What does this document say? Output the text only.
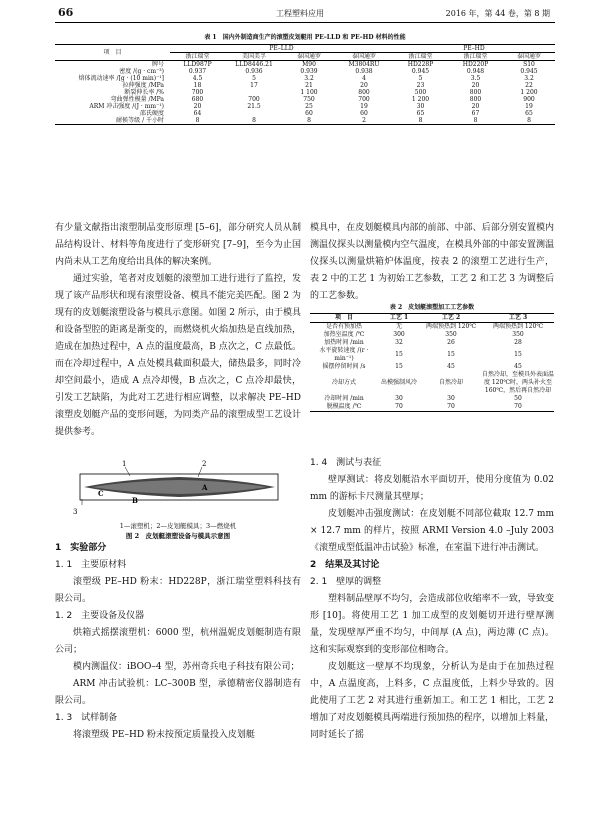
66	工程塑料应用	2016 年，第 44 卷，第 8 期
表 1　国内外制造商生产的滚塑皮划艇用 PE–LLD 和 PE–HD 材料的性能
项　目	PE–LLD				PE–HD		
	浙江瑞堂	美国美孚	泰国通罗	泰国通罗	浙江瑞堂	浙江瑞堂	泰国通罗
牌号	LLD987P	LLD8446.21	M90	M3804RU	HD228P	HD220P	S10
密度 /(g · cm⁻³)	0.937	0.936	0.939	0.938	0.945	0.948	0.945
熔体流动速率 /[g · (10 min)⁻¹]	4.5	5	3.2	4	5	3.5	3.2
拉伸强度 /MPa	18	17	21	20	23	20	22
断裂伸长率 /%	700		1 100	800	500	800	1 200
弯曲弹性模量 /MPa	680	700	750	700	1 200	800	900
ARM 冲击强度 /(J · mm⁻¹)	20	21.5	25	19	30	20	19
邵氏硬度	64		60	60	65	67	65
耐候等级 / 千小时	8	8	8	2	8	8	8

有少量文献指出滚塑制品变形原理 [5–6]，部分研究人员从制品结构设计、材料等角度进行了变形研究 [7–9]，至今为止国内尚未从工艺角度给出具体的解决案例。

通过实验，笔者对皮划艇的滚塑加工进行进行了监控，发现了该产品形状和现有滚塑设备、模具不能完美匹配。图 2 为现有的皮划艇滚塑设备与模具示意图。如图 2 所示，由于模具和设备型腔的距离是渐变的，而燃烧机火焰加热是直线加热，造成在加热过程中，A 点的温度最高，B 点次之，C 点最低。而在冷却过程中，A 点处模具截面积最大，储热最多，同时冷却空间最小，造成 A 点冷却慢，B 点次之，C 点冷却最快，引发工艺缺陷，为此对工艺进行相应调整，以求解决 PE–HD 滚塑皮划艇产品的变形问题，为同类产品的滚塑成型工艺设计提供参考。

1	2
3
A
B
C
1—滚塑机；2—皮划艇模具；3—燃烧机
图 2　皮划艇滚塑设备与模具示意图

1　实验部分

1. 1　主要原材料

滚塑级 PE–HD 粉末：HD228P，浙江瑞堂塑料科技有限公司。

1. 2　主要设备及仪器

烘箱式摇摆滚塑机：6000 型，杭州温妮皮划艇制造有限公司；

模内测温仪：iBOO–4 型，苏州奇兵电子科技有限公司；

ARM 冲击试验机：LC–300B 型，承德精密仪器制造有限公司。

1. 3　试样制备

将滚塑级 PE–HD 粉末按预定质量投入皮划艇

模具中，在皮划艇模具内部的前部、中部、后部分别安置模内测温仪探头以测量模内空气温度，在模具外部的中部安置测温仪探头以测量烘箱炉体温度，按表 2 的滚塑工艺进行生产，表 2 中的工艺 1 为初始工艺参数，工艺 2 和工艺 3 为调整后的工艺参数。

表 2　皮划艇滚塑加工工艺参数
项　目	工艺 1	工艺 2	工艺 3
是否有预加热	无	两端预热到 120℃	两端预热到 120℃
加热室温度 /℃	300	350	350
加热时间 /min	32	26	28
水平旋转速度 /(r · min⁻¹)	15	15	15
摇摆停留时间 /s	15	45	45
冷却方式	出模强制风冷	自然冷却	自然冷却，至模具外表面温度 120℃时，两头补火至 160℃，然后再自然冷却
冷却时间 /min	30	30	50
脱模温度 /℃	70	70	70

1. 4　测试与表征

壁厚测试：将皮划艇沿水平面切开，使用分度值为 0.02 mm 的游标卡尺测量其壁厚；

皮划艇冲击强度测试：在皮划艇不同部位截取 12.7 mm × 12.7 mm 的样片，按照 ARMI Version 4.0 –July 2003《滚塑成型低温冲击试验》标准，在室温下进行冲击测试。

2　结果及其讨论

2. 1　壁厚的调整

塑料制品壁厚不均匀，会造成部位收缩率不一致，导致变形 [10]。将使用工艺 1 加工成型的皮划艇切开进行壁厚测量，发现壁厚严重不均匀，中间厚 (A 点)，两边薄 (C 点)。这和实际观察到的变形部位相吻合。

皮划艇这一壁厚不均现象，分析认为是由于在加热过程中，A 点温度高，上料多，C 点温度低，上料少导致的。因此使用了工艺 2 对其进行重新加工。和工艺 1 相比，工艺 2 增加了对皮划艇模具两端进行预加热的程序，以增加上料量，同时延长了摇
